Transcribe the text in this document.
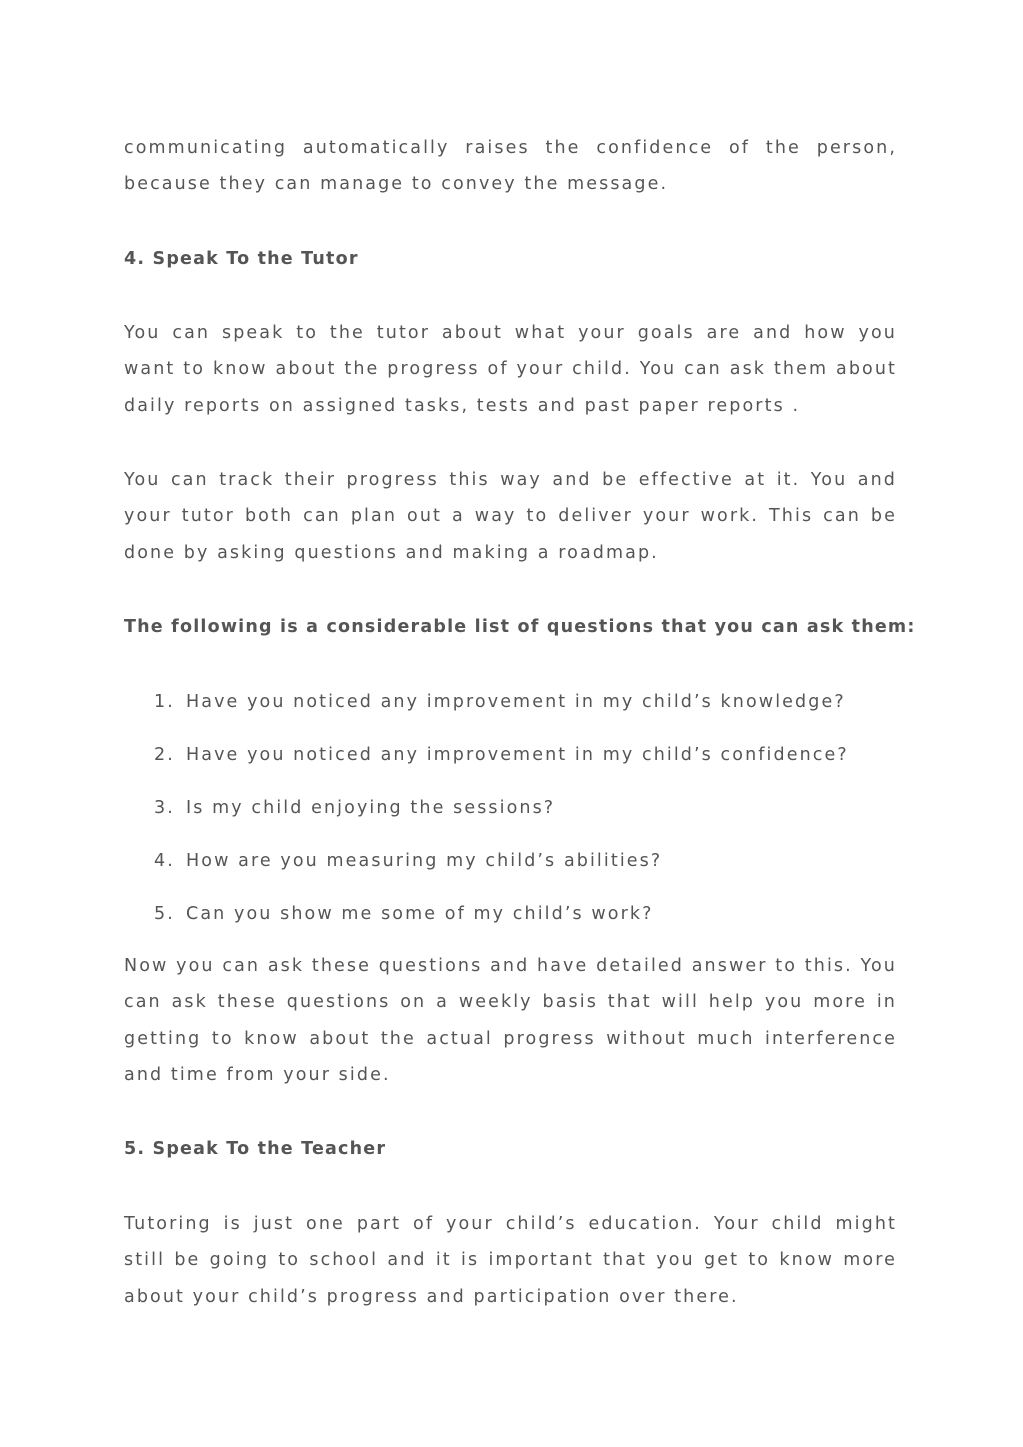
communicating automatically raises the confidence of the person, because they can manage to convey the message.

4. Speak To the Tutor

You can speak to the tutor about what your goals are and how you want to know about the progress of your child. You can ask them about daily reports on assigned tasks, tests and past paper reports .

You can track their progress this way and be effective at it. You and your tutor both can plan out a way to deliver your work. This can be done by asking questions and making a roadmap.

The following is a considerable list of questions that you can ask them:
1. Have you noticed any improvement in my child’s knowledge?
2. Have you noticed any improvement in my child’s confidence?
3. Is my child enjoying the sessions?
4. How are you measuring my child’s abilities?
5. Can you show me some of my child’s work?

Now you can ask these questions and have detailed answer to this. You can ask these questions on a weekly basis that will help you more in getting to know about the actual progress without much interference and time from your side.

5. Speak To the Teacher

Tutoring is just one part of your child’s education. Your child might still be going to school and it is important that you get to know more about your child’s progress and participation over there.
